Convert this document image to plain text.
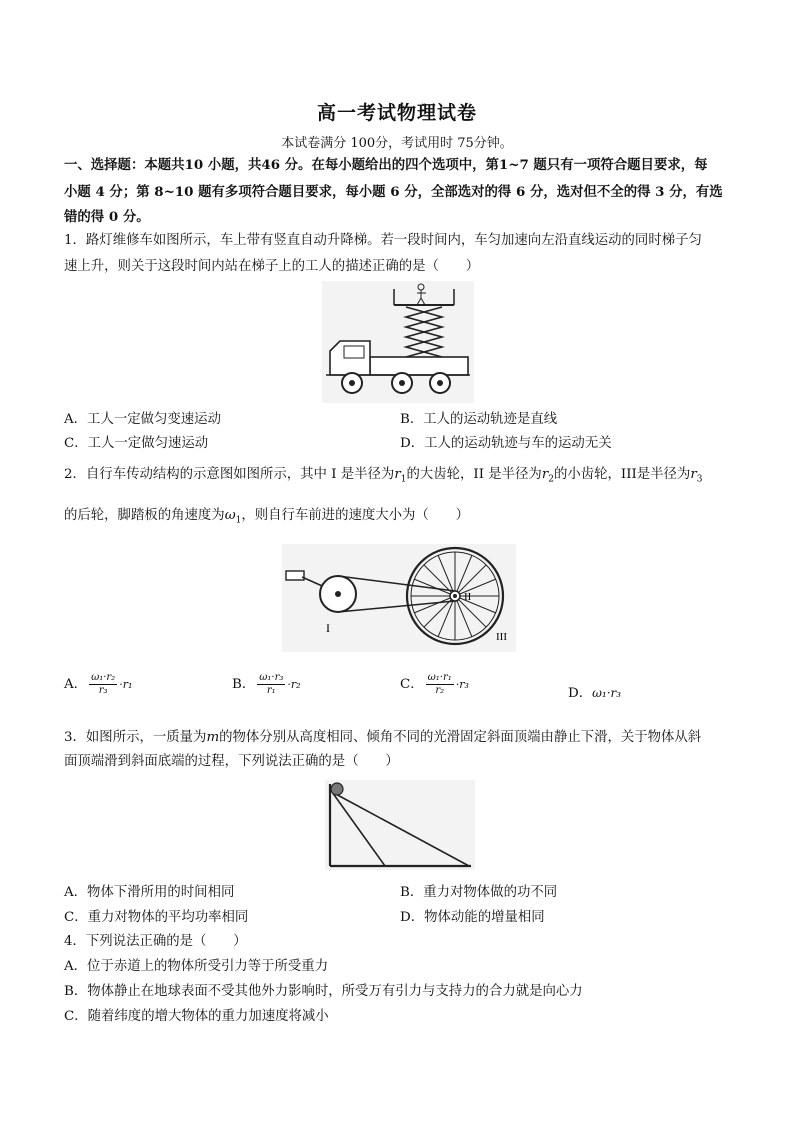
高一考试物理试卷
本试卷满分 100分，考试用时 75分钟。
一、选择题：本题共10 小题，共46 分。在每小题给出的四个选项中，第1~7 题只有一项符合题目要求，每
小题 4 分；第 8~10 题有多项符合题目要求，每小题 6 分，全部选对的得 6 分，选对但不全的得 3 分，有选
错的得 0 分。
1．路灯维修车如图所示，车上带有竖直自动升降梯。若一段时间内，车匀加速向左沿直线运动的同时梯子匀
速上升，则关于这段时间内站在梯子上的工人的描述正确的是（　　）
A．工人一定做匀变速运动	B．工人的运动轨迹是直线
C．工人一定做匀速运动	D．工人的运动轨迹与车的运动无关
2．自行车传动结构的示意图如图所示，其中 I 是半径为$r_1$的大齿轮，II 是半径为$r_2$的小齿轮，III是半径为$r_3$
的后轮，脚踏板的角速度为$\omega_1$，则自行车前进的速度大小为（　　）
I
II
III
A． $\frac{\text{ω₁·r₂}}{\text{r₃}} \cdot r_1$	B． $\frac{\text{ω₁·r₃}}{\text{r₁}} \cdot r_2$	C． $\frac{\text{ω₁·r₁}}{\text{r₂}} \cdot r_3$
D．ω₁·r₃
3．如图所示，一质量为m的物体分别从高度相同、倾角不同的光滑固定斜面顶端由静止下滑，关于物体从斜
面顶端滑到斜面底端的过程，下列说法正确的是（　　）
A．物体下滑所用的时间相同	B．重力对物体做的功不同
C．重力对物体的平均功率相同	D．物体动能的增量相同
4．下列说法正确的是（　　）
A．位于赤道上的物体所受引力等于所受重力
B．物体静止在地球表面不受其他外力影响时，所受万有引力与支持力的合力就是向心力
C．随着纬度的增大物体的重力加速度将减小
